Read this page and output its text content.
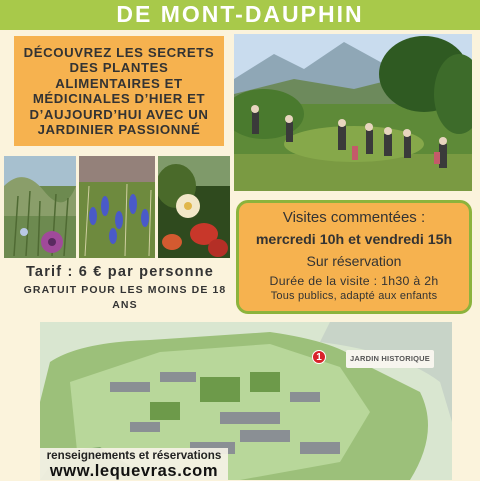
DE MONT-DAUPHIN
DÉCOUVREZ LES SECRETS DES PLANTES ALIMENTAIRES ET MÉDICINALES D’HIER ET D’AUJOURD’HUI AVEC UN JARDINIER PASSIONNÉ
Tarif : 6 € par personne
GRATUIT POUR LES MOINS DE 18 ANS
Visites commentées :
mercredi 10h et vendredi 15h
Sur réservation
Durée de la visite : 1h30 à 2h
Tous publics, adapté aux enfants
1	JARDIN HISTORIQUE
renseignements et réservations
www.lequevras.com
